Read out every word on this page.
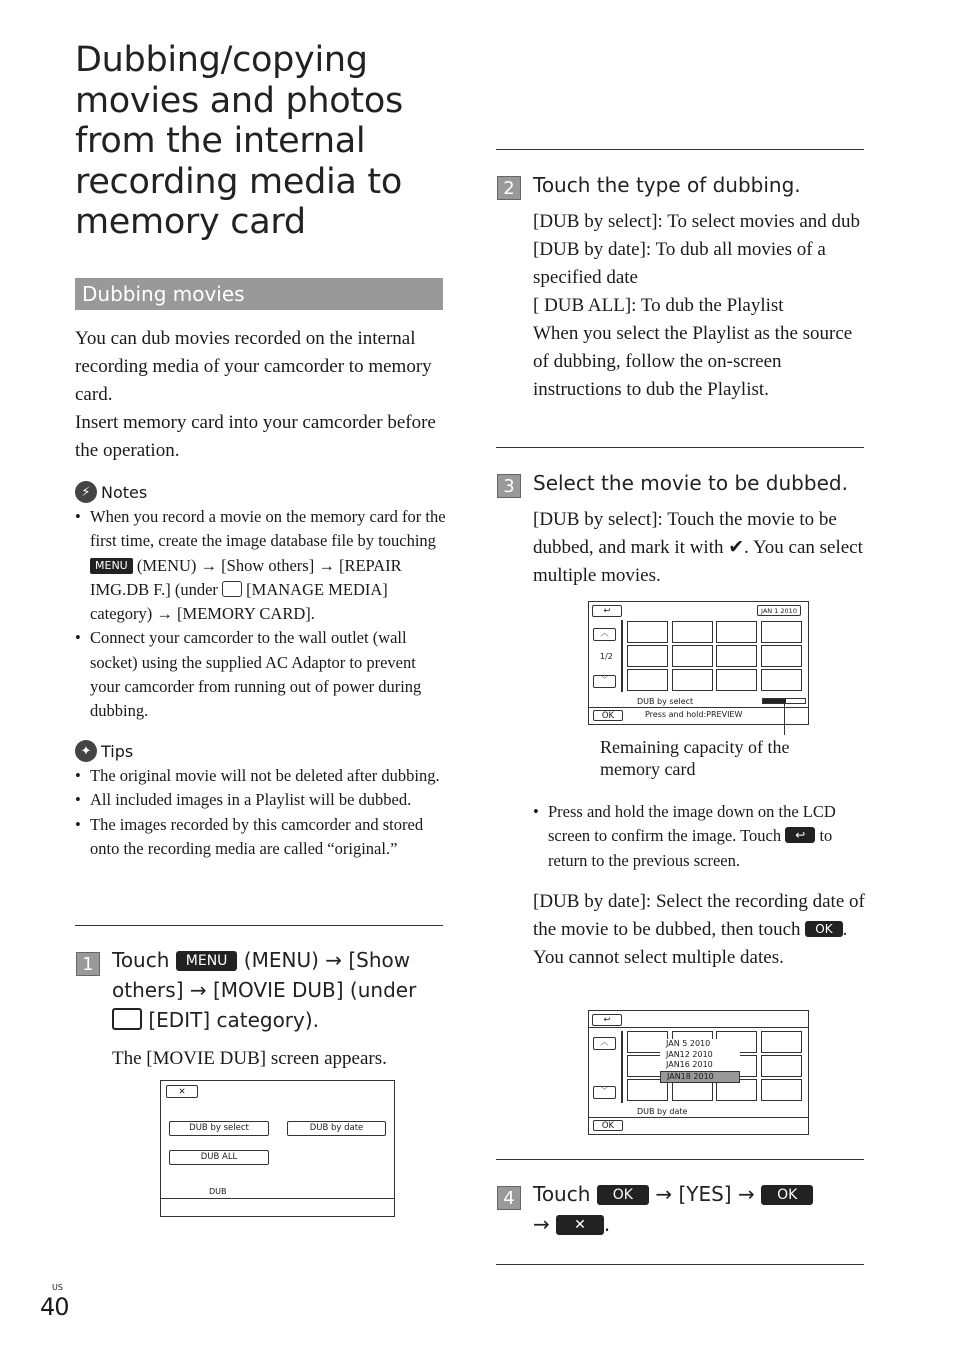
Dubbing/copying movies and photos from the internal recording media to memory card
Dubbing movies

You can dub movies recorded on the internal recording media of your camcorder to memory card.

Insert memory card into your camcorder before the operation.

⚡ Notes
• When you record a movie on the memory card for the first time, create the image database file by touching MENU (MENU) → [Show others] → [REPAIR IMG.DB F.] (under [MANAGE MEDIA] category) → [MEMORY CARD].
• Connect your camcorder to the wall outlet (wall socket) using the supplied AC Adaptor to prevent your camcorder from running out of power during dubbing.
✦ Tips
• The original movie will not be deleted after dubbing.
• All included images in a Playlist will be dubbed.
• The images recorded by this camcorder and stored onto the recording media are called “original.”
1 Touch MENU (MENU) → [Show others] → [MOVIE DUB] (under  [EDIT] category).
The [MOVIE DUB] screen appears.
✕
DUB by select	DUB by date
DUB ALL
DUB
2 Touch the type of dubbing.

[DUB by select]: To select movies and dub

[DUB by date]: To dub all movies of a specified date

[ DUB ALL]: To dub the Playlist

When you select the Playlist as the source of dubbing, follow the on-screen instructions to dub the Playlist.

3 Select the movie to be dubbed.
[DUB by select]: Touch the movie to be dubbed, and mark it with ✔. You can select multiple movies.
↩	JAN 1 2010
︿
1/2
﹀
DUB by select
OK	Press and hold:PREVIEW
Remaining capacity of the memory card
• Press and hold the image down on the LCD screen to confirm the image. Touch ↩ to return to the previous screen.
[DUB by date]: Select the recording date of the movie to be dubbed, then touch OK . You cannot select multiple dates.
↩
︿
﹀
JAN 5 2010
JAN12 2010
JAN16 2010
JAN18 2010
DUB by date
OK
4 Touch OK → [YES] → OK
→ ✕ .
US
40
